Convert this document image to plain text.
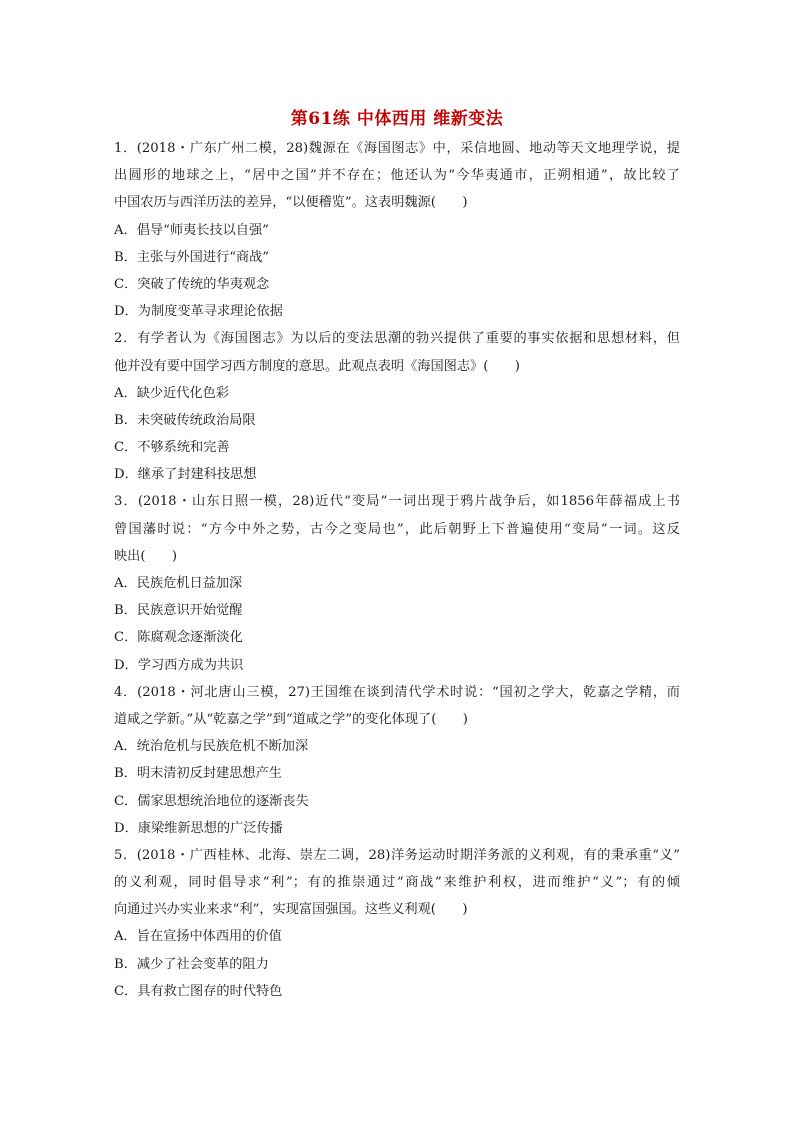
第61练 中体西用 维新变法
1．(2018・广东广州二模，28)魏源在《海国图志》中，采信地圆、地动等天文地理学说，提
出圆形的地球之上，“居中之国”并不存在；他还认为“今华夷通市，正朔相通”，故比较了
中国农历与西洋历法的差异，“以便稽览”。这表明魏源(　　)
A．倡导“师夷长技以自强”
B．主张与外国进行“商战”
C．突破了传统的华夷观念
D．为制度变革寻求理论依据
2．有学者认为《海国图志》为以后的变法思潮的勃兴提供了重要的事实依据和思想材料，但
他并没有要中国学习西方制度的意思。此观点表明《海国图志》(　　)
A．缺少近代化色彩
B．未突破传统政治局限
C．不够系统和完善
D．继承了封建科技思想
3．(2018・山东日照一模，28)近代“变局”一词出现于鸦片战争后，如1856年薛福成上书
曾国藩时说：“方今中外之势，古今之变局也”，此后朝野上下普遍使用“变局”一词。这反
映出(　　)
A．民族危机日益加深
B．民族意识开始觉醒
C．陈腐观念逐渐淡化
D．学习西方成为共识
4．(2018・河北唐山三模，27)王国维在谈到清代学术时说：“国初之学大，乾嘉之学精，而
道咸之学新。”从“乾嘉之学”到“道咸之学”的变化体现了(　　)
A．统治危机与民族危机不断加深
B．明末清初反封建思想产生
C．儒家思想统治地位的逐渐丧失
D．康梁维新思想的广泛传播
5．(2018・广西桂林、北海、崇左二调，28)洋务运动时期洋务派的义利观，有的秉承重“义”
的义利观，同时倡导求“利”；有的推崇通过“商战”来维护利权，进而维护“义”；有的倾
向通过兴办实业来求“利”，实现富国强国。这些义利观(　　)
A．旨在宣扬中体西用的价值
B．减少了社会变革的阻力
C．具有救亡图存的时代特色
